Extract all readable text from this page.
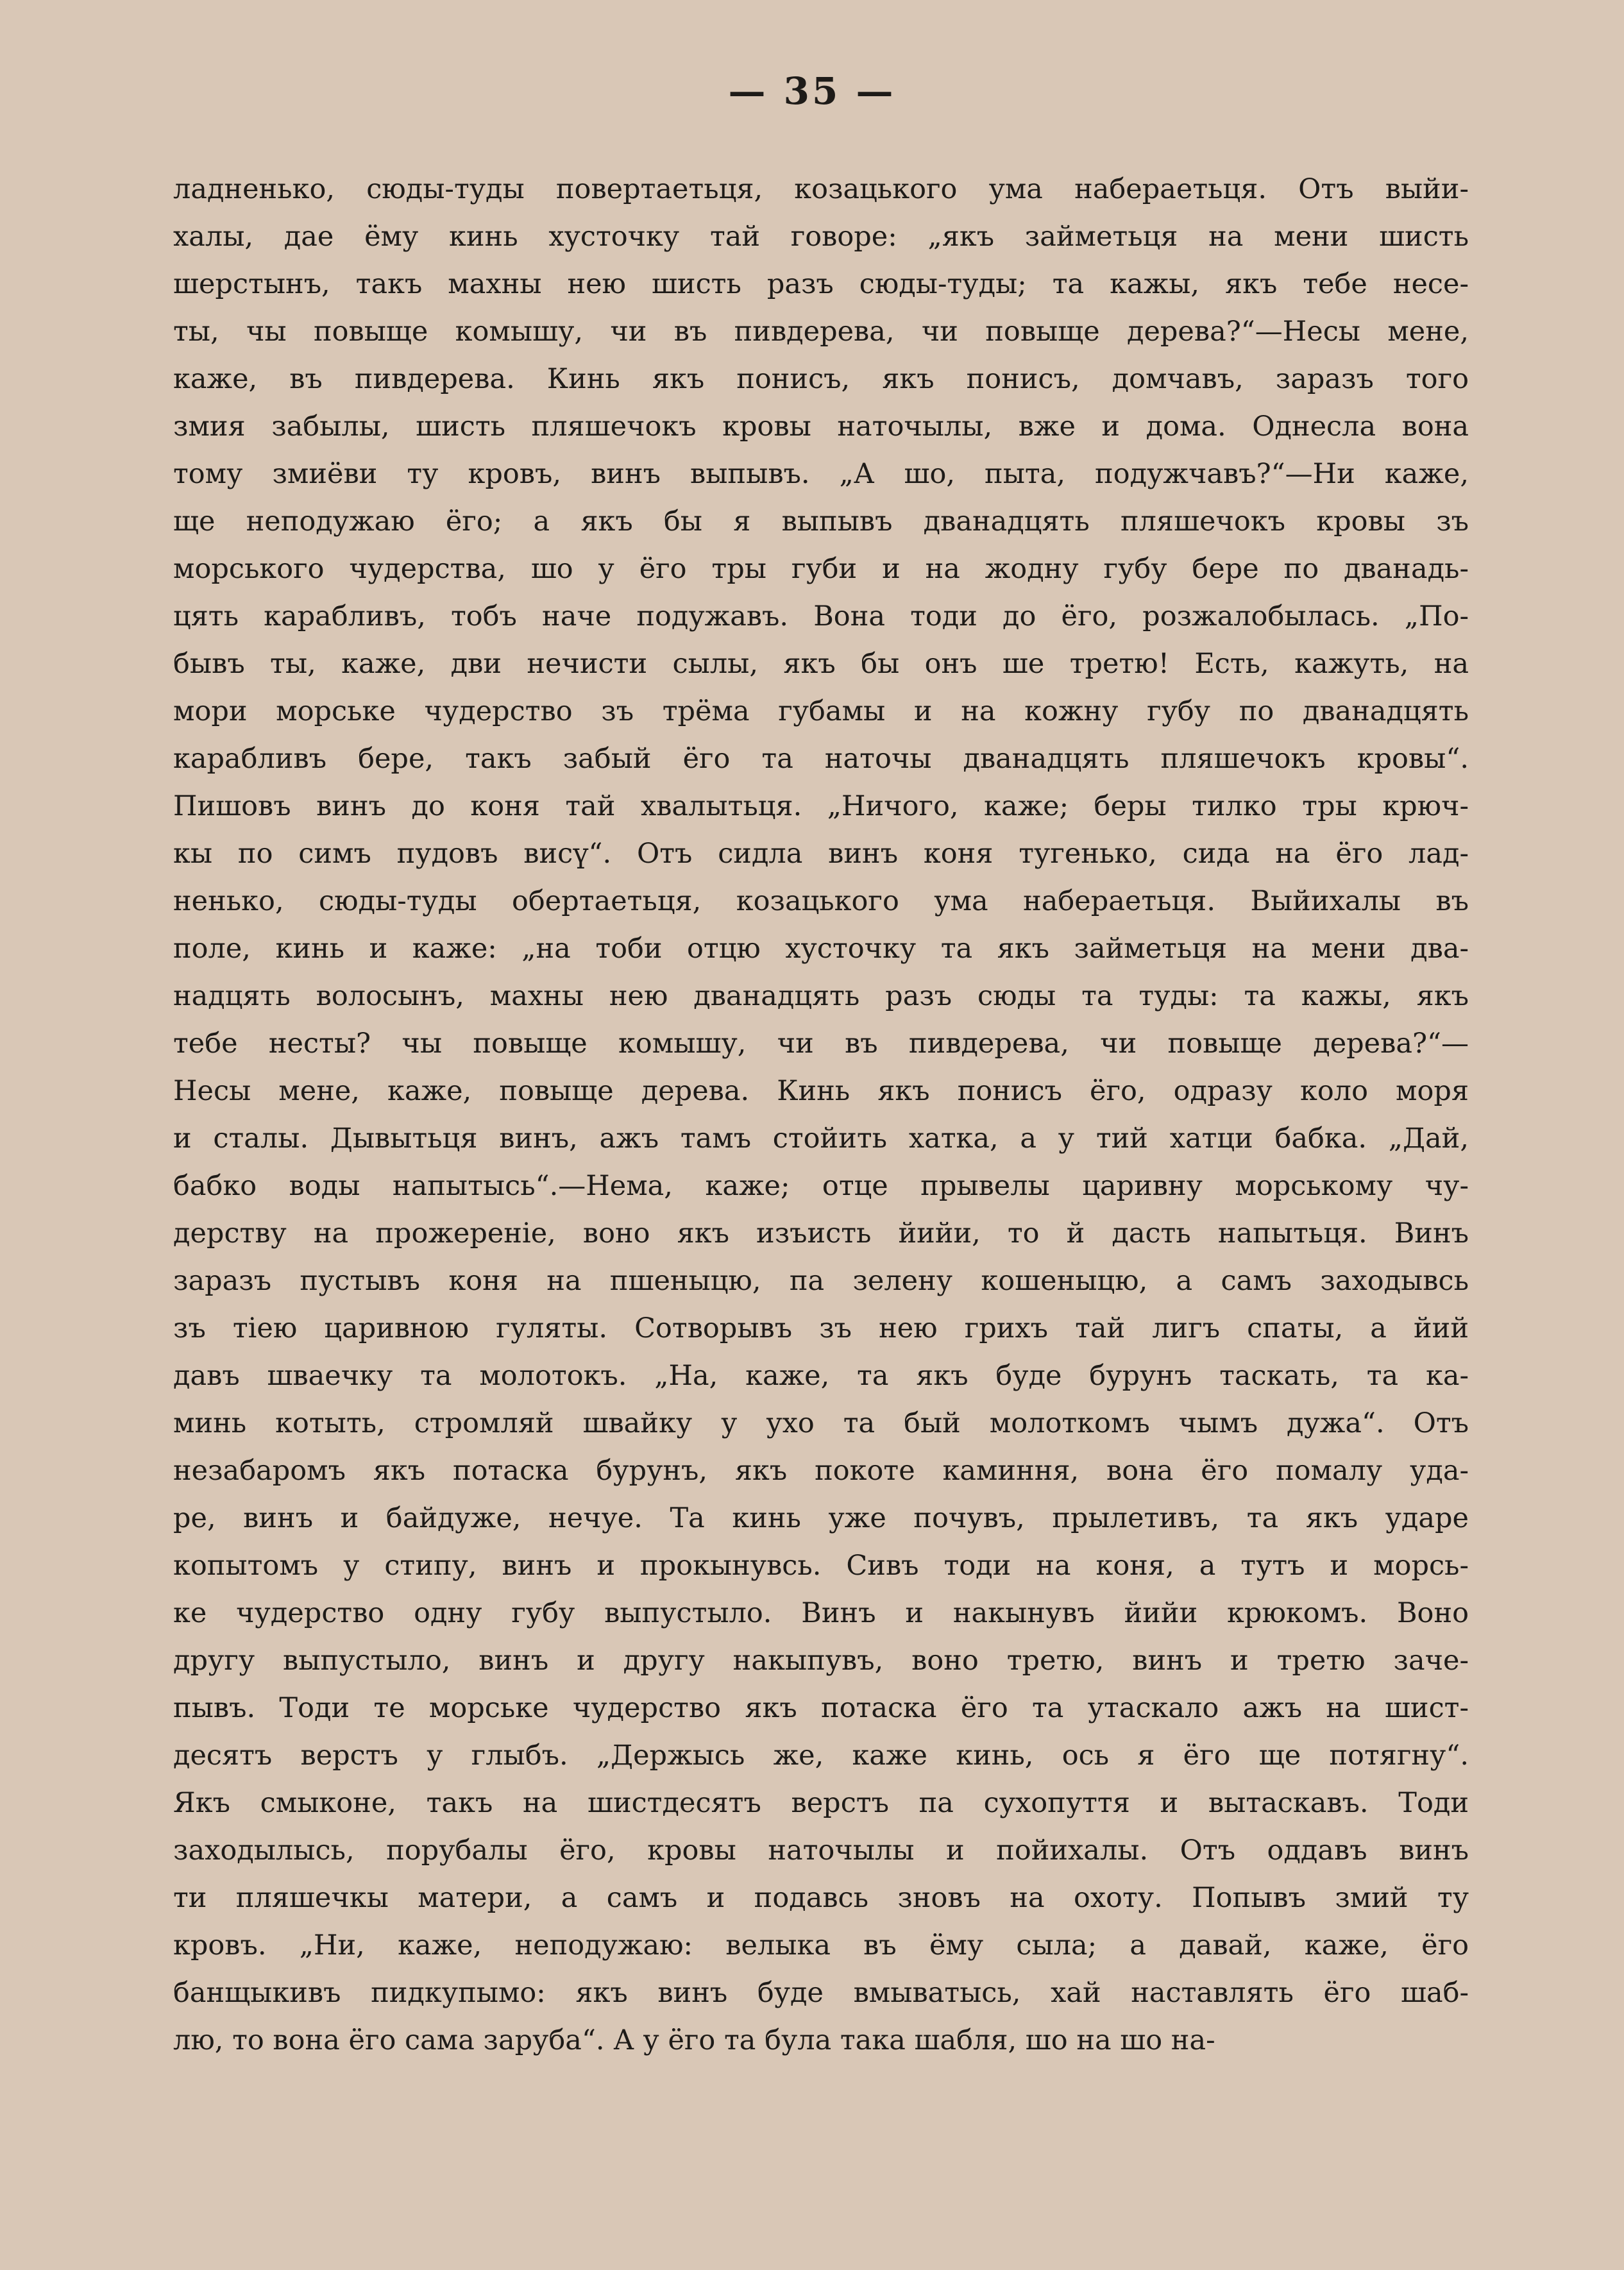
— 35 —
ладненько, сюды-туды повертаетьця, козацького ума набераетьця. Отъ выйи-
халы, дае ёму кинь хусточку тай говоре: „якъ займетьця на мени шисть
шерстынъ, такъ махны нею шисть разъ сюды-туды; та кажы, якъ тебе несе-
ты, чы повыще комышу, чи въ пивдерева, чи повыще дерева?“—Несы мене,
каже, въ пивдерева. Кинь якъ понисъ, якъ понисъ, домчавъ, заразъ того
змия забылы, шисть пляшечокъ кровы наточылы, вже и дома. Однесла вона
тому змиёви ту кровъ, винъ выпывъ. „А шо, пыта, подужчавъ?“—Ни каже,
ще неподужаю ёго; а якъ бы я выпывъ дванадцять пляшечокъ кровы зъ
морського чудерства, шо у ёго тры губи и на жодну губу бере по дванадь-
цять карабливъ, тобъ наче подужавъ. Вона тоди до ёго, розжалобылась. „По-
бывъ ты, каже, дви нечисти сылы, якъ бы онъ ше третю! Есть, кажуть, на
мори морське чудерство зъ трёма губамы и на кожну губу по дванадцять
карабливъ бере, такъ забый ёго та наточы дванадцять пляшечокъ кровы“.
Пишовъ винъ до коня тай хвалытьця. „Ничого, каже; беры тилко тры крюч-
кы по симъ пудовъ висү“. Отъ сидла винъ коня тугенько, сида на ёго лад-
ненько, сюды-туды обертаетьця, козацького ума набераетьця. Выйихалы въ
поле, кинь и каже: „на тоби отцю хусточку та якъ займетьця на мени два-
надцять волосынъ, махны нею дванадцять разъ сюды та туды: та кажы, якъ
тебе несты? чы повыще комышу, чи въ пивдерева, чи повыще дерева?“—
Несы мене, каже, повыще дерева. Кинь якъ понисъ ёго, одразу коло моря
и сталы. Дывытьця винъ, ажъ тамъ стойить хатка, а у тий хатци бабка. „Дай,
бабко воды напытысь“.—Нема, каже; отце прывелы царивну морському чу-
дерству на прожереніе, воно якъ изъисть йийи, то й дасть напытьця. Винъ
заразъ пустывъ коня на пшеныцю, па зелену кошеныцю, а самъ заходывсь
зъ тіею царивною гуляты. Сотворывъ зъ нею грихъ тай лигъ спаты, а йий
давъ шваечку та молотокъ. „На, каже, та якъ буде бурунъ таскать, та ка-
минь котыть, стромляй швайку у ухо та бый молоткомъ чымъ дужа“. Отъ
незабаромъ якъ потаска бурунъ, якъ покоте каминня, вона ёго помалу уда-
ре, винъ и байдуже, нечуе. Та кинь уже почувъ, прылетивъ, та якъ ударе
копытомъ у стипу, винъ и прокынувсь. Сивъ тоди на коня, а тутъ и морсь-
ке чудерство одну губу выпустыло. Винъ и накынувъ йийи крюкомъ. Воно
другу выпустыло, винъ и другу накыпувъ, воно третю, винъ и третю заче-
пывъ. Тоди те морське чудерство якъ потаска ёго та утаскало ажъ на шист-
десятъ верстъ у глыбъ. „Держысь же, каже кинь, ось я ёго ще потягну“.
Якъ смыконе, такъ на шистдесятъ верстъ па сухопуття и вытаскавъ. Тоди
заходылысь, порубалы ёго, кровы наточылы и пойихалы. Отъ оддавъ винъ
ти пляшечкы матери, а самъ и подавсь зновъ на охоту. Попывъ змий ту
кровъ. „Ни, каже, неподужаю: велыка въ ёму сыла; а давай, каже, ёго
банщыкивъ пидкупымо: якъ винъ буде вмыватысь, хай наставлять ёго шаб-
лю, то вона ёго сама заруба“. А у ёго та була така шабля, шо на шо на-
